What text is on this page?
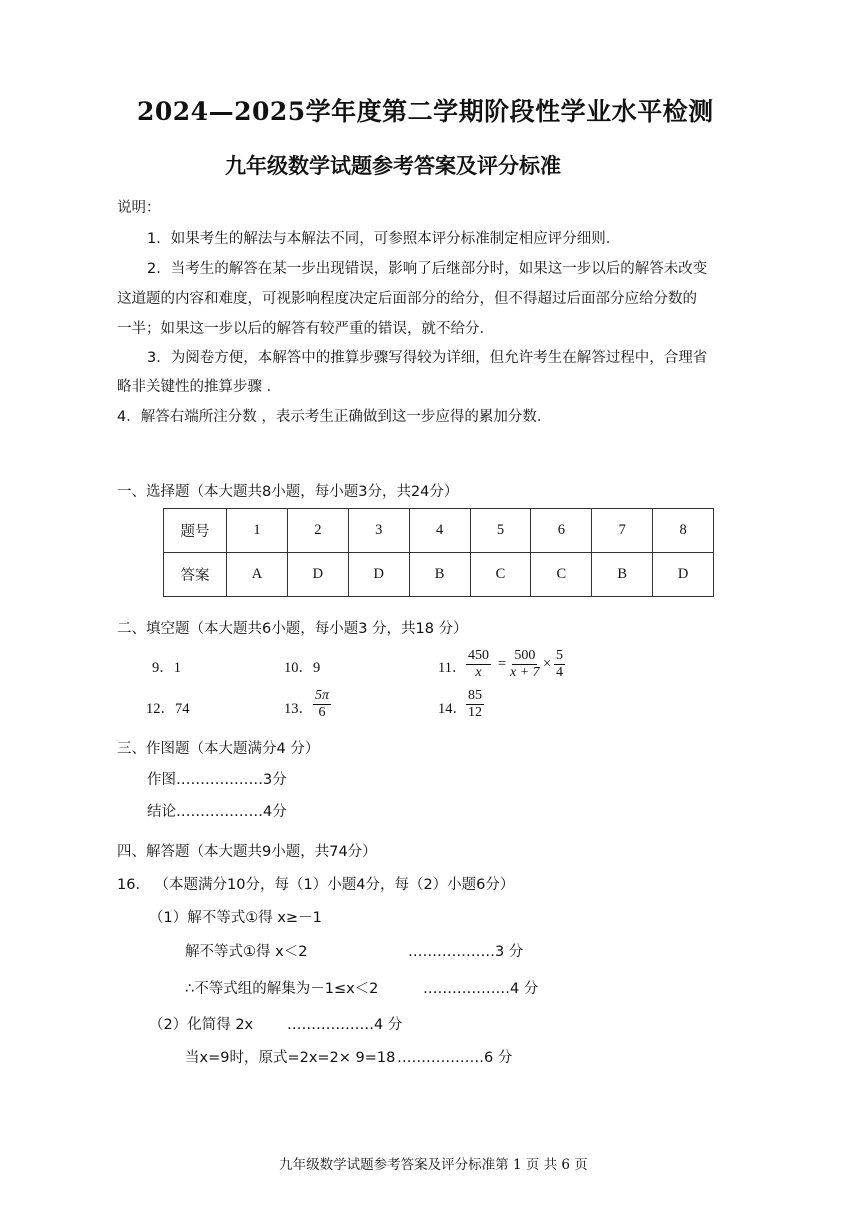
2024—2025学年度第二学期阶段性学业水平检测
九年级数学试题参考答案及评分标准
说明：
1．如果考生的解法与本解法不同，可参照本评分标准制定相应评分细则．
2．当考生的解答在某一步出现错误，影响了后继部分时，如果这一步以后的解答未改变
这道题的内容和难度，可视影响程度决定后面部分的给分，但不得超过后面部分应给分数的
一半；如果这一步以后的解答有较严重的错误，就不给分．
3．为阅卷方便，本解答中的推算步骤写得较为详细，但允许考生在解答过程中，合理省
略非关键性的推算步骤 ．
4．解答右端所注分数 ，表示考生正确做到这一步应得的累加分数．
一、选择题（本大题共8小题，每小题3分，共24分）
题号	1	2	3	4	5	6	7	8
答案	A	D	D	B	C	C	B	D
二、填空题（本大题共6小题，每小题3 分，共18 分）
9．1	10．9	11． $\frac{450}{x} = \frac{500}{x + 7} \times \frac{5}{4}$
12．74	13． $\frac{5\pi}{6}$	14． $\frac{85}{12}$
三、作图题（本大题满分4 分）
作图………………3分
结论………………4分
四、解答题（本大题共9小题，共74分）
16． （本题满分10分，每（1）小题4分，每（2）小题6分）
（1）解不等式①得 x≥－1
解不等式①得 x＜2	………………3 分
∴不等式组的解集为－1≤x＜2	………………4 分
（2）化简得 2x ………………4 分
当x=9时，原式=2x=2× 9=18 ………………6 分
九年级数学试题参考答案及评分标准第 1 页 共 6 页
